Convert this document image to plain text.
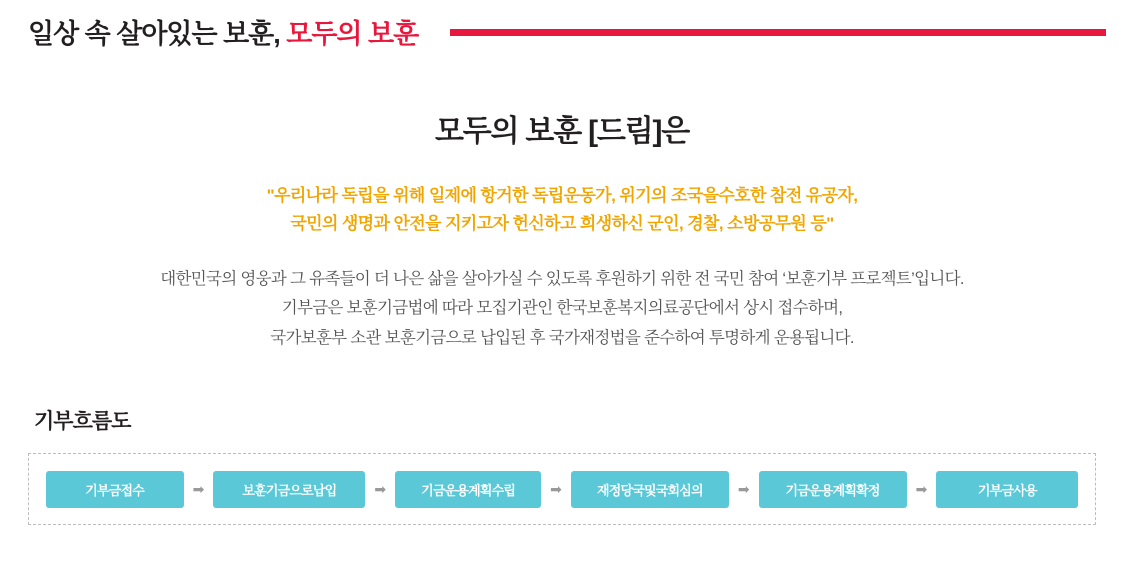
일상 속 살아있는 보훈, 모두의 보훈
모두의 보훈 [드림]은
"우리나라 독립을 위해 일제에 항거한 독립운동가, 위기의 조국을수호한 참전 유공자,
국민의 생명과 안전을 지키고자 헌신하고 희생하신 군인, 경찰, 소방공무원 등"
대한민국의 영웅과 그 유족들이 더 나은 삶을 살아가실 수 있도록 후원하기 위한 전 국민 참여 ‘보훈기부 프로젝트’입니다.
기부금은 보훈기금법에 따라 모집기관인 한국보훈복지의료공단에서 상시 접수하며,
국가보훈부 소관 보훈기금으로 납입된 후 국가재정법을 준수하여 투명하게 운용됩니다.
기부흐름도
기부금접수	➡	보훈기금으로납입	➡	기금운용계획수립	➡	재정당국및국회심의	➡	기금운용계획확정	➡	기부금사용
